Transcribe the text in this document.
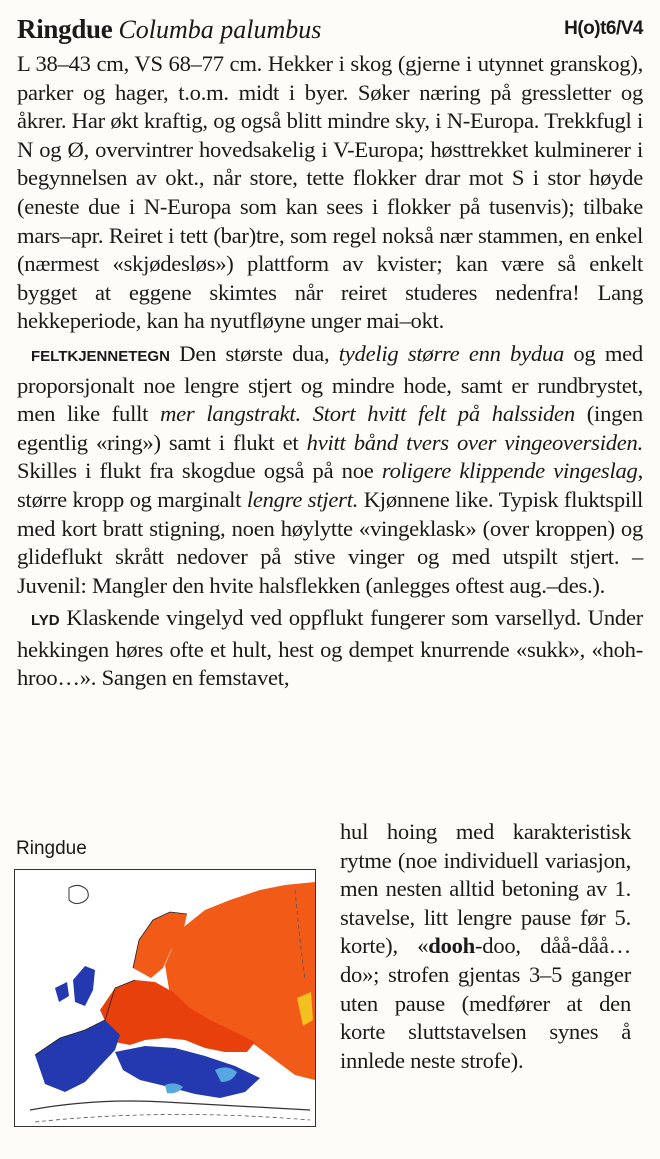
Ringdue Columba palumbus	H(o)t6/V4

L 38–43 cm, VS 68–77 cm. Hekker i skog (gjerne i utynnet granskog), parker og hager, t.o.m. midt i byer. Søker næring på gressletter og åkrer. Har økt kraftig, og også blitt mindre sky, i N-Europa. Trekkfugl i N og Ø, overvintrer hovedsakelig i V-Europa; høsttrekket kulminerer i begynnelsen av okt., når store, tette flokker drar mot S i stor høyde (eneste due i N-Europa som kan sees i flokker på tusenvis); tilbake mars–apr. Reiret i tett (bar)tre, som regel nokså nær stammen, en enkel (nærmest «skjødesløs») plattform av kvister; kan være så enkelt bygget at eggene skimtes når reiret studeres nedenfra! Lang hekkeperiode, kan ha nyutfløyne unger mai–okt.

FELTKJENNETEGN Den største dua, tydelig større enn bydua og med proporsjonalt noe lengre stjert og mindre hode, samt er rundbrystet, men like fullt mer langstrakt. Stort hvitt felt på halssiden (ingen egentlig «ring») samt i flukt et hvitt bånd tvers over vingeoversiden. Skilles i flukt fra skogdue også på noe roligere klippende vingeslag, større kropp og marginalt lengre stjert. Kjønnene like. Typisk fluktspill med kort bratt stigning, noen høylytte «vingeklask» (over kroppen) og glideflukt skrått nedover på stive vinger og med utspilt stjert. – Juvenil: Mangler den hvite halsflekken (anlegges oftest aug.–des.).

LYD Klaskende vingelyd ved oppflukt fungerer som varsellyd. Under hekkingen høres ofte et hult, hest og dempet knurrende «sukk», «hoh-hroo…». Sangen en femstavet,

hul hoing med karakteristisk rytme (noe individuell variasjon, men nesten alltid betoning av 1. stavelse, litt lengre pause før 5. korte), «dooh-doo, dåå-dåå…do»; strofen gjentas 3–5 ganger uten pause (medfører at den korte sluttstavelsen synes å innlede neste strofe).

Ringdue
